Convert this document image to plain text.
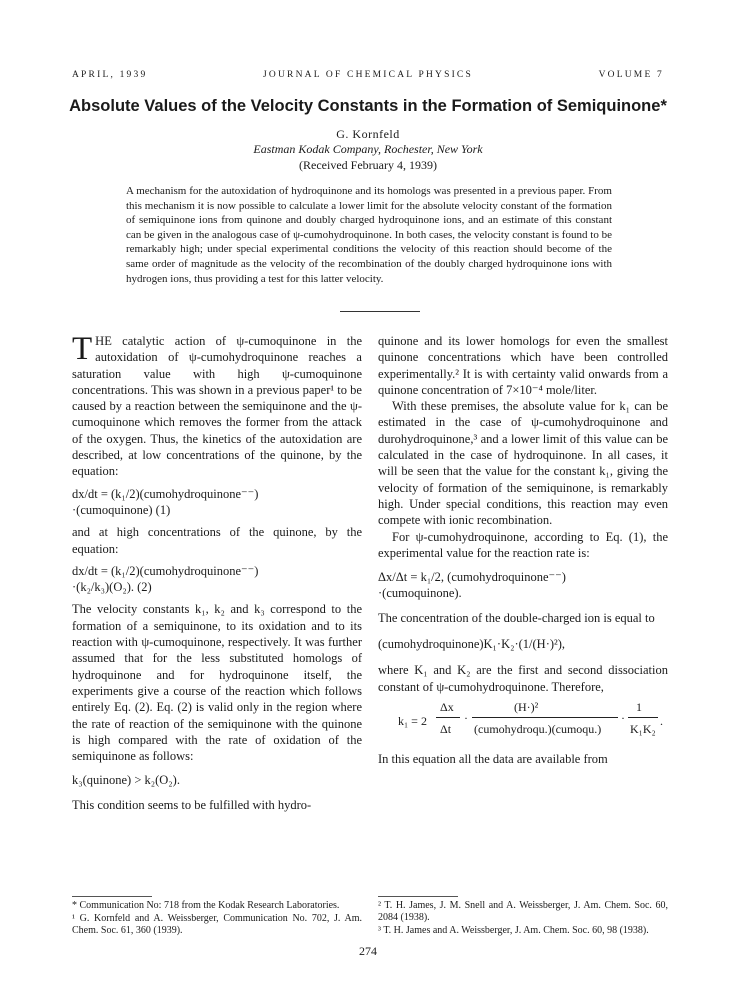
APRIL, 1939	JOURNAL OF CHEMICAL PHYSICS	VOLUME 7
Absolute Values of the Velocity Constants in the Formation of Semiquinone*
G. Kornfeld
Eastman Kodak Company, Rochester, New York
(Received February 4, 1939)
A mechanism for the autoxidation of hydroquinone and its homologs was presented in a previous paper. From this mechanism it is now possible to calculate a lower limit for the absolute velocity constant of the formation of semiquinone ions from quinone and doubly charged hydroquinone ions, and an estimate of this constant can be given in the analogous case of ψ-cumohydroquinone. In both cases, the velocity constant is found to be remarkably high; under special experimental conditions the velocity of this reaction should become of the same order of magnitude as the velocity of the recombination of the doubly charged hydroquinone ions with hydrogen ions, thus providing a test for this latter velocity.

THE catalytic action of ψ-cumoquinone in the autoxidation of ψ-cumohydroquinone reaches a saturation value with high ψ-cumoquinone concentrations. This was shown in a previous paper¹ to be caused by a reaction between the semiquinone and the ψ-cumoquinone which removes the former from the attack of the oxygen. Thus, the kinetics of the autoxidation are described, at low concentrations of the quinone, by the equation:

dx/dt = (k₁/2)(cumohydroquinone⁻⁻)

·(cumoquinone) (1)

and at high concentrations of the quinone, by the equation:

dx/dt = (k₁/2)(cumohydroquinone⁻⁻)

·(k₂/k₃)(O₂). (2)

The velocity constants k₁, k₂ and k₃ correspond to the formation of a semiquinone, to its oxidation and to its reaction with ψ-cumoquinone, respectively. It was further assumed that for the less substituted homologs of hydroquinone and for hydroquinone itself, the experiments give a course of the reaction which follows entirely Eq. (2). Eq. (2) is valid only in the region where the rate of reaction of the semiquinone with the quinone is high compared with the rate of oxidation of the semiquinone as follows:

k₃(quinone) > k₂(O₂).

This condition seems to be fulfilled with hydro-

quinone and its lower homologs for even the smallest quinone concentrations which have been controlled experimentally.² It is with certainty valid onwards from a quinone concentration of 7×10⁻⁴ mole/liter.

With these premises, the absolute value for k₁ can be estimated in the case of ψ-cumohydroquinone and durohydroquinone,³ and a lower limit of this value can be calculated in the case of hydroquinone. In all cases, it will be seen that the value for the constant k₁, giving the velocity of formation of the semiquinone, is remarkably high. Under special conditions, this reaction may even compete with ionic recombination.

For ψ-cumohydroquinone, according to Eq. (1), the experimental value for the reaction rate is:

Δx/Δt = k₁/2, (cumohydroquinone⁻⁻)

·(cumoquinone).

The concentration of the double-charged ion is equal to

(cumohydroquinone)K₁·K₂·(1/(H·)²),

where K₁ and K₂ are the first and second dissociation constant of ψ-cumohydroquinone. Therefore,

k₁ = 2
Δx
Δt
·
(H·)²
(cumohydroqu.)(cumoqu.)
·
1
K₁K₂
.

In this equation all the data are available from

* Communication No: 718 from the Kodak Research Laboratories.

¹ G. Kornfeld and A. Weissberger, Communication No. 702, J. Am. Chem. Soc. 61, 360 (1939).

² T. H. James, J. M. Snell and A. Weissberger, J. Am. Chem. Soc. 60, 2084 (1938).

³ T. H. James and A. Weissberger, J. Am. Chem. Soc. 60, 98 (1938).

274
